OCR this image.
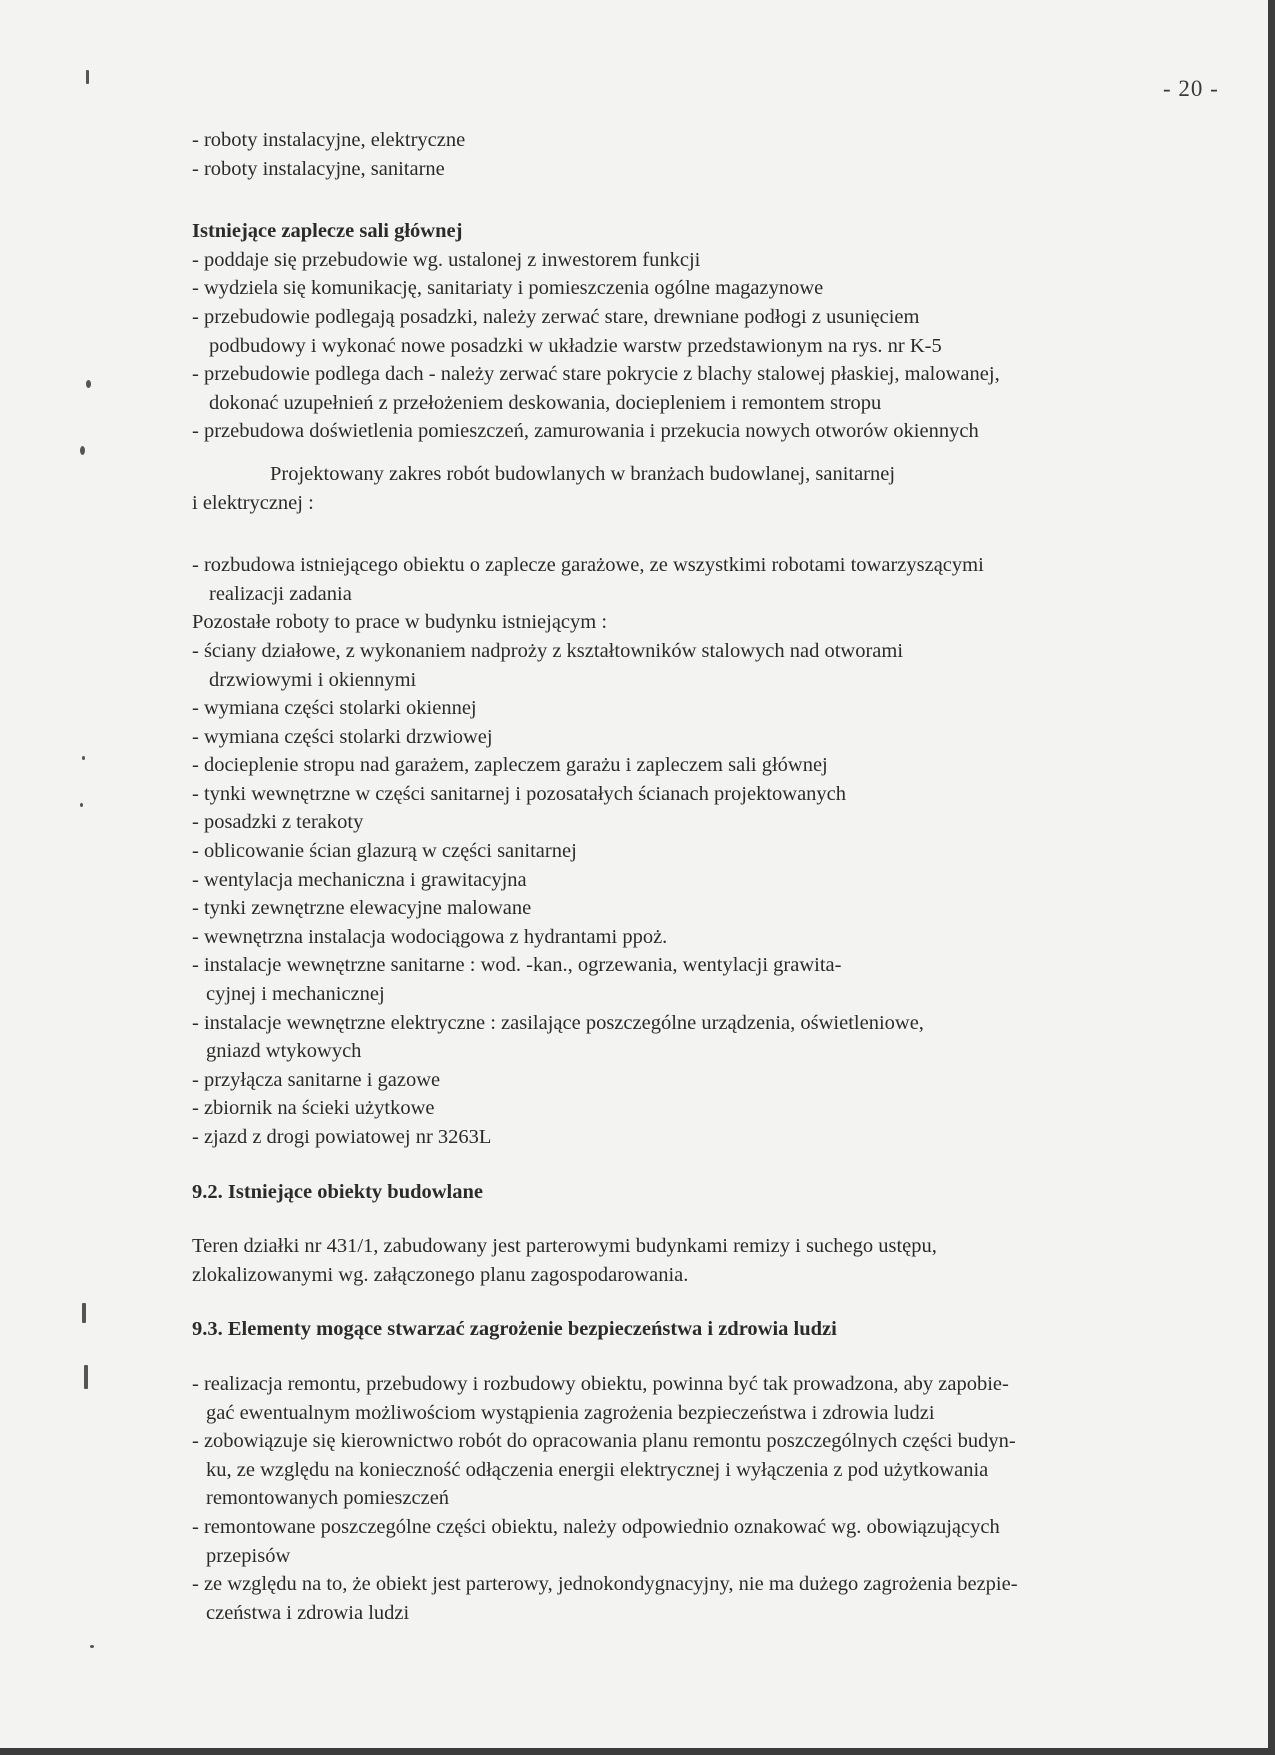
- 20 -
- roboty instalacyjne, elektryczne
- roboty instalacyjne, sanitarne
Istniejące zaplecze sali głównej
- poddaje się przebudowie wg. ustalonej z inwestorem funkcji
- wydziela się komunikację, sanitariaty i pomieszczenia ogólne magazynowe
- przebudowie podlegają posadzki, należy zerwać stare, drewniane podłogi z usunięciem
podbudowy i wykonać nowe posadzki w układzie warstw przedstawionym na rys. nr K-5
- przebudowie podlega dach - należy zerwać stare pokrycie z blachy stalowej płaskiej, malowanej,
dokonać uzupełnień z przełożeniem deskowania, dociepleniem i remontem stropu
- przebudowa doświetlenia pomieszczeń, zamurowania i przekucia nowych otworów okiennych
Projektowany zakres robót budowlanych w branżach budowlanej, sanitarnej
i elektrycznej :
- rozbudowa istniejącego obiektu o zaplecze garażowe, ze wszystkimi robotami towarzyszącymi
realizacji zadania
Pozostałe roboty to prace w budynku istniejącym :
- ściany działowe, z wykonaniem nadproży z kształtowników stalowych nad otworami
drzwiowymi i okiennymi
- wymiana części stolarki okiennej
- wymiana części stolarki drzwiowej
- docieplenie stropu nad garażem, zapleczem garażu i zapleczem sali głównej
- tynki wewnętrzne w części sanitarnej i pozosatałych ścianach projektowanych
- posadzki z terakoty
- oblicowanie ścian glazurą w części sanitarnej
- wentylacja mechaniczna i grawitacyjna
- tynki zewnętrzne elewacyjne malowane
- wewnętrzna instalacja wodociągowa z hydrantami ppoż.
- instalacje wewnętrzne sanitarne : wod. -kan., ogrzewania, wentylacji grawita-
cyjnej i mechanicznej
- instalacje wewnętrzne elektryczne : zasilające poszczególne urządzenia, oświetleniowe,
gniazd wtykowych
- przyłącza sanitarne i gazowe
- zbiornik na ścieki użytkowe
- zjazd z drogi powiatowej nr 3263L
9.2. Istniejące obiekty budowlane
Teren działki nr 431/1, zabudowany jest parterowymi budynkami remizy i suchego ustępu,
zlokalizowanymi wg. załączonego planu zagospodarowania.
9.3. Elementy mogące stwarzać zagrożenie bezpieczeństwa i zdrowia ludzi
- realizacja remontu, przebudowy i rozbudowy obiektu, powinna być tak prowadzona, aby zapobie-
gać ewentualnym możliwościom wystąpienia zagrożenia bezpieczeństwa i zdrowia ludzi
- zobowiązuje się kierownictwo robót do opracowania planu remontu poszczególnych części budyn-
ku, ze względu na konieczność odłączenia energii elektrycznej i wyłączenia z pod użytkowania
remontowanych pomieszczeń
- remontowane poszczególne części obiektu, należy odpowiednio oznakować wg. obowiązujących
przepisów
- ze względu na to, że obiekt jest parterowy, jednokondygnacyjny, nie ma dużego zagrożenia bezpie-
czeństwa i zdrowia ludzi
